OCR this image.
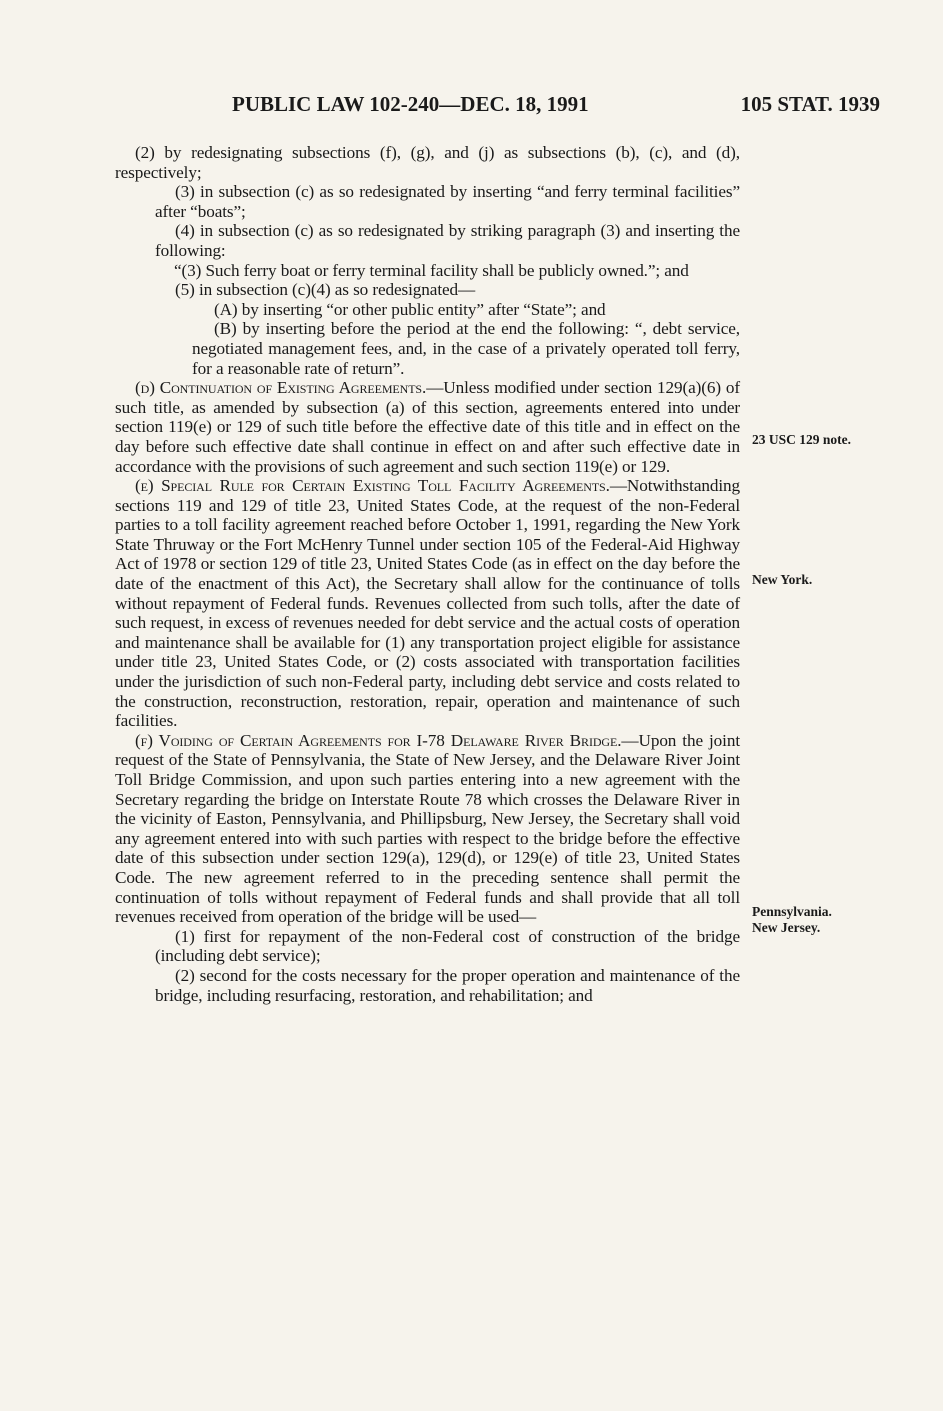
PUBLIC LAW 102-240—DEC. 18, 1991	105 STAT. 1939

(2) by redesignating subsections (f), (g), and (j) as subsections (b), (c), and (d), respectively;

(3) in subsection (c) as so redesignated by inserting “and ferry terminal facilities” after “boats”;

(4) in subsection (c) as so redesignated by striking paragraph (3) and inserting the following:

“(3) Such ferry boat or ferry terminal facility shall be publicly owned.”; and

(5) in subsection (c)(4) as so redesignated—

(A) by inserting “or other public entity” after “State”; and

(B) by inserting before the period at the end the following: “, debt service, negotiated management fees, and, in the case of a privately operated toll ferry, for a reasonable rate of return”.

(d) Continuation of Existing Agreements.—Unless modified under section 129(a)(6) of such title, as amended by subsection (a) of this section, agreements entered into under section 119(e) or 129 of such title before the effective date of this title and in effect on the day before such effective date shall continue in effect on and after such effective date in accordance with the provisions of such agreement and such section 119(e) or 129.

(e) Special Rule for Certain Existing Toll Facility Agreements.—Notwithstanding sections 119 and 129 of title 23, United States Code, at the request of the non-Federal parties to a toll facility agreement reached before October 1, 1991, regarding the New York State Thruway or the Fort McHenry Tunnel under section 105 of the Federal-Aid Highway Act of 1978 or section 129 of title 23, United States Code (as in effect on the day before the date of the enactment of this Act), the Secretary shall allow for the continuance of tolls without repayment of Federal funds. Revenues collected from such tolls, after the date of such request, in excess of revenues needed for debt service and the actual costs of operation and maintenance shall be available for (1) any transportation project eligible for assistance under title 23, United States Code, or (2) costs associated with transportation facilities under the jurisdiction of such non-Federal party, including debt service and costs related to the construction, reconstruction, restoration, repair, operation and maintenance of such facilities.

(f) Voiding of Certain Agreements for I-78 Delaware River Bridge.—Upon the joint request of the State of Pennsylvania, the State of New Jersey, and the Delaware River Joint Toll Bridge Commission, and upon such parties entering into a new agreement with the Secretary regarding the bridge on Interstate Route 78 which crosses the Delaware River in the vicinity of Easton, Pennsylvania, and Phillipsburg, New Jersey, the Secretary shall void any agreement entered into with such parties with respect to the bridge before the effective date of this subsection under section 129(a), 129(d), or 129(e) of title 23, United States Code. The new agreement referred to in the preceding sentence shall permit the continuation of tolls without repayment of Federal funds and shall provide that all toll revenues received from operation of the bridge will be used—

(1) first for repayment of the non-Federal cost of construction of the bridge (including debt service);

(2) second for the costs necessary for the proper operation and maintenance of the bridge, including resurfacing, restoration, and rehabilitation; and

23 USC 129 note.
New York.
Pennsylvania.
New Jersey.
